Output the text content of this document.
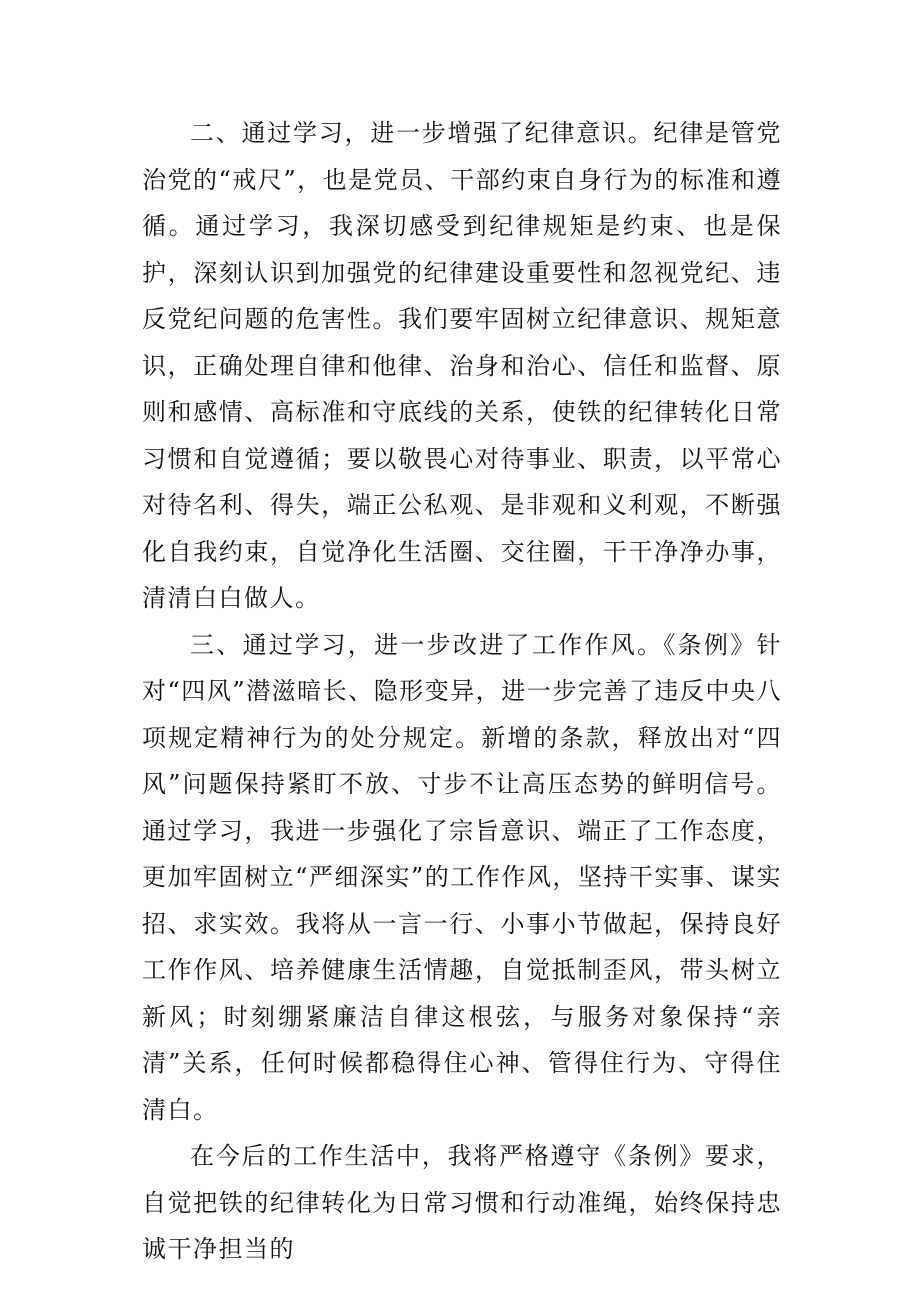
二、通过学习，进一步增强了纪律意识。纪律是管党治党的“戒尺”，也是党员、干部约束自身行为的标准和遵循。通过学习，我深切感受到纪律规矩是约束、也是保护，深刻认识到加强党的纪律建设重要性和忽视党纪、违反党纪问题的危害性。我们要牢固树立纪律意识、规矩意识，正确处理自律和他律、治身和治心、信任和监督、原则和感情、高标准和守底线的关系，使铁的纪律转化日常习惯和自觉遵循；要以敬畏心对待事业、职责，以平常心对待名利、得失，端正公私观、是非观和义利观，不断强化自我约束，自觉净化生活圈、交往圈，干干净净办事，清清白白做人。

三、通过学习，进一步改进了工作作风。《条例》针对“四风”潜滋暗长、隐形变异，进一步完善了违反中央八项规定精神行为的处分规定。新增的条款，释放出对“四风”问题保持紧盯不放、寸步不让高压态势的鲜明信号。通过学习，我进一步强化了宗旨意识、端正了工作态度，更加牢固树立“严细深实”的工作作风，坚持干实事、谋实招、求实效。我将从一言一行、小事小节做起，保持良好工作作风、培养健康生活情趣，自觉抵制歪风，带头树立新风；时刻绷紧廉洁自律这根弦，与服务对象保持“亲清”关系，任何时候都稳得住心神、管得住行为、守得住清白。

在今后的工作生活中，我将严格遵守《条例》要求，自觉把铁的纪律转化为日常习惯和行动准绳，始终保持忠诚干净担当的
